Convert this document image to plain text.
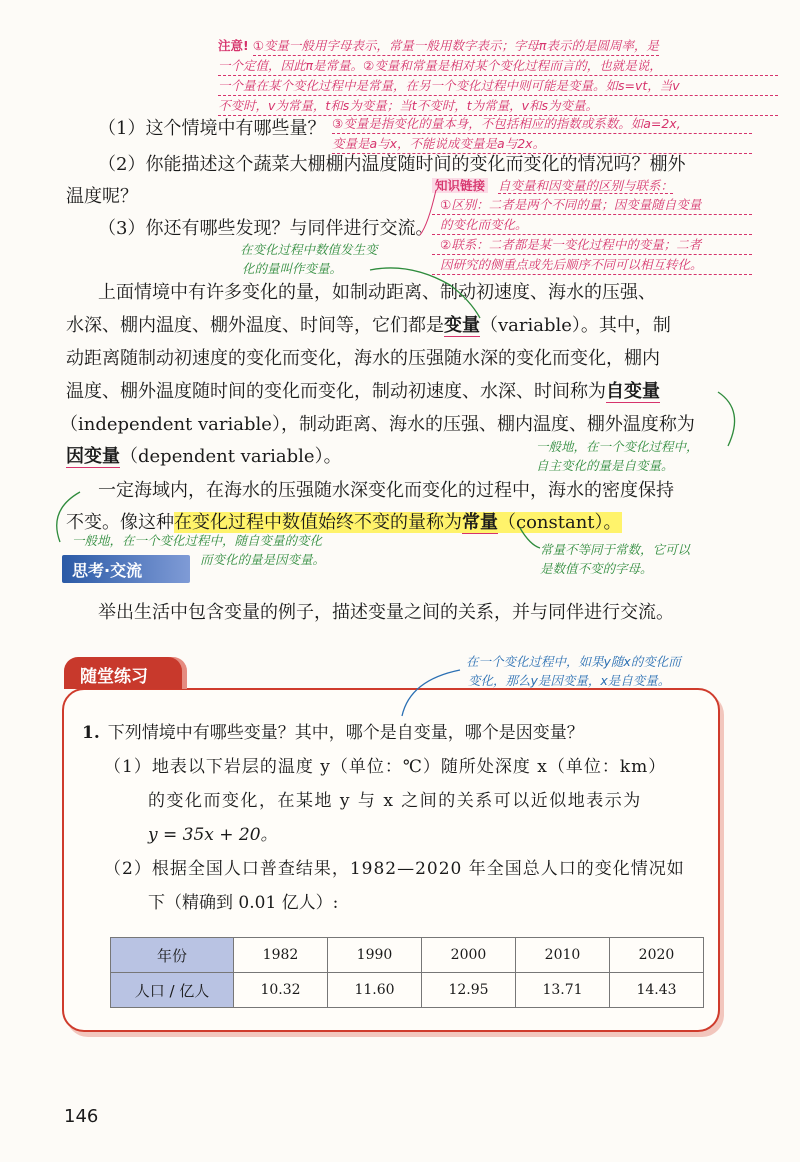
注意! ①变量一般用字母表示，常量一般用数字表示；字母π表示的是圆周率，是
一个定值，因此π是常量。②变量和常量是相对某个变化过程而言的，也就是说，
一个量在某个变化过程中是常量，在另一个变化过程中则可能是变量。如s=vt，当v
不变时，v为常量，t和s为变量；当t不变时，t为常量，v和s为变量。
③变量是指变化的量本身，不包括相应的指数或系数。如a=2x,
变量是a与x，不能说成变量是a与2x。
（1）这个情境中有哪些量？
（2）你能描述这个蔬菜大棚棚内温度随时间的变化而变化的情况吗？棚外
温度呢？
（3）你还有哪些发现？与同伴进行交流。
知识链接 自变量和因变量的区别与联系：
①区别：二者是两个不同的量；因变量随自变量
的变化而变化。
②联系：二者都是某一变化过程中的变量；二者
因研究的侧重点或先后顺序不同可以相互转化。
在变化过程中数值发生变
化的量叫作变量。
上面情境中有许多变化的量，如制动距离、制动初速度、海水的压强、
水深、棚内温度、棚外温度、时间等，它们都是变量（variable）。其中，制
动距离随制动初速度的变化而变化，海水的压强随水深的变化而变化，棚内
温度、棚外温度随时间的变化而变化，制动初速度、水深、时间称为自变量
（independent variable），制动距离、海水的压强、棚内温度、棚外温度称为
因变量（dependent variable）。	一般地，在一个变化过程中，
自主变化的量是自变量。
一定海域内，在海水的压强随水深变化而变化的过程中，海水的密度保持
不变。像这种在变化过程中数值始终不变的量称为常量（constant）。
一般地，在一个变化过程中，随自变量的变化
而变化的量是因变量。
常量不等同于常数，它可以
是数值不变的字母。
思考·交流
举出生活中包含变量的例子，描述变量之间的关系，并与同伴进行交流。
随堂练习
在一个变化过程中，如果y随x的变化而
变化，那么y是因变量，x是自变量。
1. 下列情境中有哪些变量？其中，哪个是自变量，哪个是因变量？
（1）地表以下岩层的温度 y（单位：℃）随所处深度 x（单位：km）
的变化而变化，在某地 y 与 x 之间的关系可以近似地表示为
y = 35x + 20。
（2）根据全国人口普查结果，1982—2020 年全国总人口的变化情况如
下（精确到 0.01 亿人）:
年份	1982	1990	2000	2010	2020
人口 / 亿人	10.32	11.60	12.95	13.71	14.43
146
